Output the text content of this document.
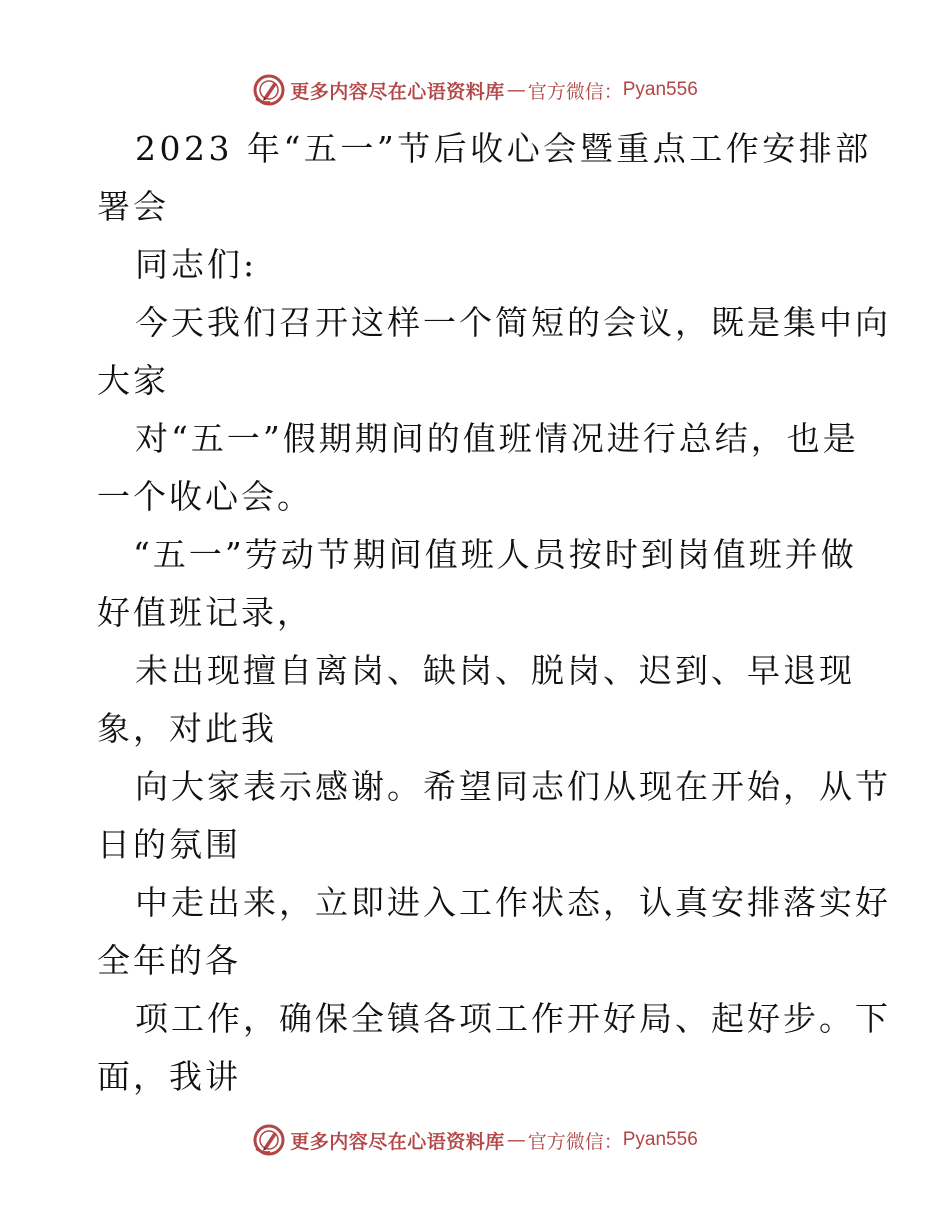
更多内容尽在心语资料库 — 官方微信： Pyan556
2023 年“五一”节后收心会暨重点工作安排部
署会
同志们:
今天我们召开这样一个简短的会议，既是集中向
大家
对“五一”假期期间的值班情况进行总结，也是
一个收心会。
“五一”劳动节期间值班人员按时到岗值班并做
好值班记录，
未出现擅自离岗、缺岗、脱岗、迟到、早退现
象，对此我
向大家表示感谢。希望同志们从现在开始，从节
日的氛围
中走出来，立即进入工作状态，认真安排落实好
全年的各
项工作，确保全镇各项工作开好局、起好步。下
面，我讲
更多内容尽在心语资料库 — 官方微信： Pyan556
